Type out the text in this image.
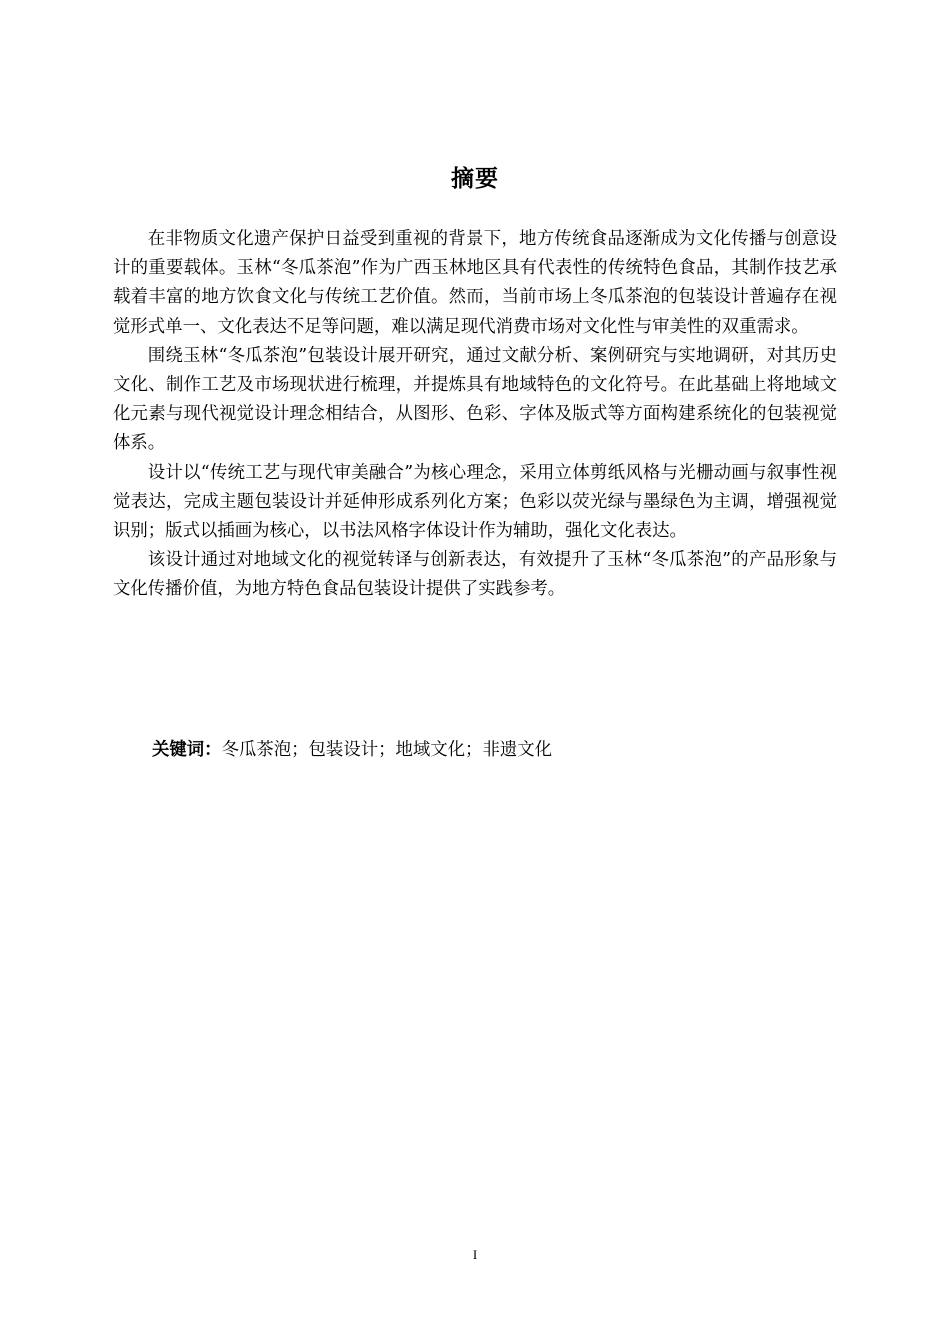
摘要

在非物质文化遗产保护日益受到重视的背景下，地方传统食品逐渐成为文化传播与创意设计的重要载体。玉林“冬瓜茶泡”作为广西玉林地区具有代表性的传统特色食品，其制作技艺承载着丰富的地方饮食文化与传统工艺价值。然而，当前市场上冬瓜茶泡的包装设计普遍存在视觉形式单一、文化表达不足等问题，难以满足现代消费市场对文化性与审美性的双重需求。

围绕玉林“冬瓜茶泡”包装设计展开研究，通过文献分析、案例研究与实地调研，对其历史文化、制作工艺及市场现状进行梳理，并提炼具有地域特色的文化符号。在此基础上将地域文化元素与现代视觉设计理念相结合，从图形、色彩、字体及版式等方面构建系统化的包装视觉体系。

设计以“传统工艺与现代审美融合”为核心理念，采用立体剪纸风格与光栅动画与叙事性视觉表达，完成主题包装设计并延伸形成系列化方案；色彩以荧光绿与墨绿色为主调，增强视觉识别；版式以插画为核心，以书法风格字体设计作为辅助，强化文化表达。

该设计通过对地域文化的视觉转译与创新表达，有效提升了玉林“冬瓜茶泡”的产品形象与文化传播价值，为地方特色食品包装设计提供了实践参考。

关键词：冬瓜茶泡；包装设计；地域文化；非遗文化
I
